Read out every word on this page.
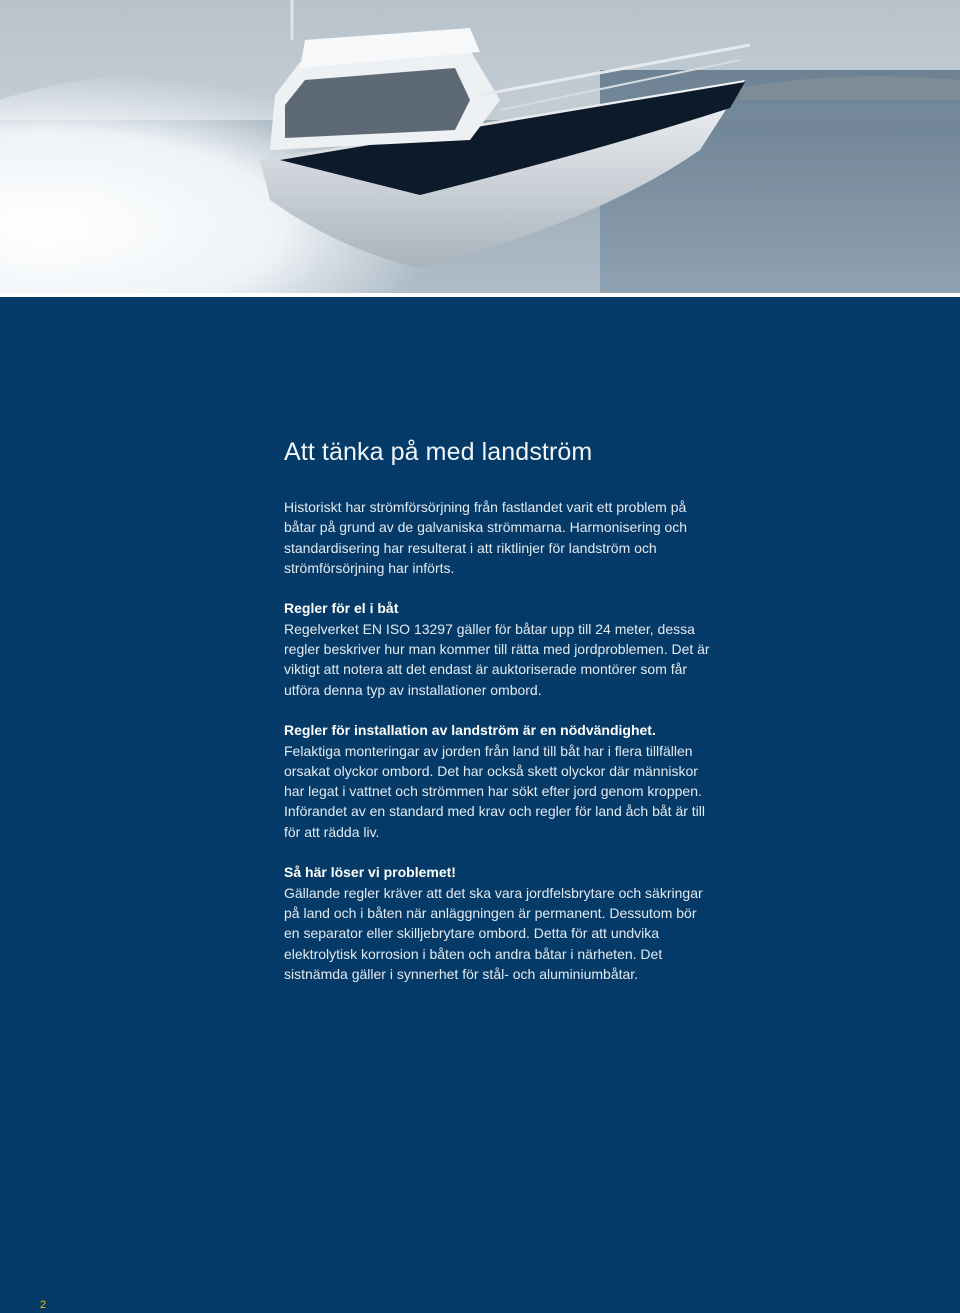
Att tänka på med landström

Historiskt har strömförsörjning från fastlandet varit ett problem på båtar på grund av de galvaniska strömmarna. Harmonisering och standardisering har resulterat i att riktlinjer för landström och strömförsörjning har införts.

Regler för el i båt
Regelverket EN ISO 13297 gäller för båtar upp till 24 meter, dessa regler beskriver hur man kommer till rätta med jordproblemen. Det är viktigt att notera att det endast är auktoriserade montörer som får utföra denna typ av installationer ombord.

Regler för installation av landström är en nödvändighet.
Felaktiga monteringar av jorden från land till båt har i flera tillfällen orsakat olyckor ombord. Det har också skett olyckor där människor har legat i vattnet och strömmen har sökt efter jord genom kroppen. Införandet av en standard med krav och regler för land åch båt är till för att rädda liv.

Så här löser vi problemet!
Gällande regler kräver att det ska vara jordfelsbrytare och säkringar på land och i båten när anläggningen är permanent. Dessutom bör en separator eller skilljebrytare ombord. Detta för att undvika elektrolytisk korrosion i båten och andra båtar i närheten. Det sistnämda gäller i synnerhet för stål- och aluminiumbåtar.

2
